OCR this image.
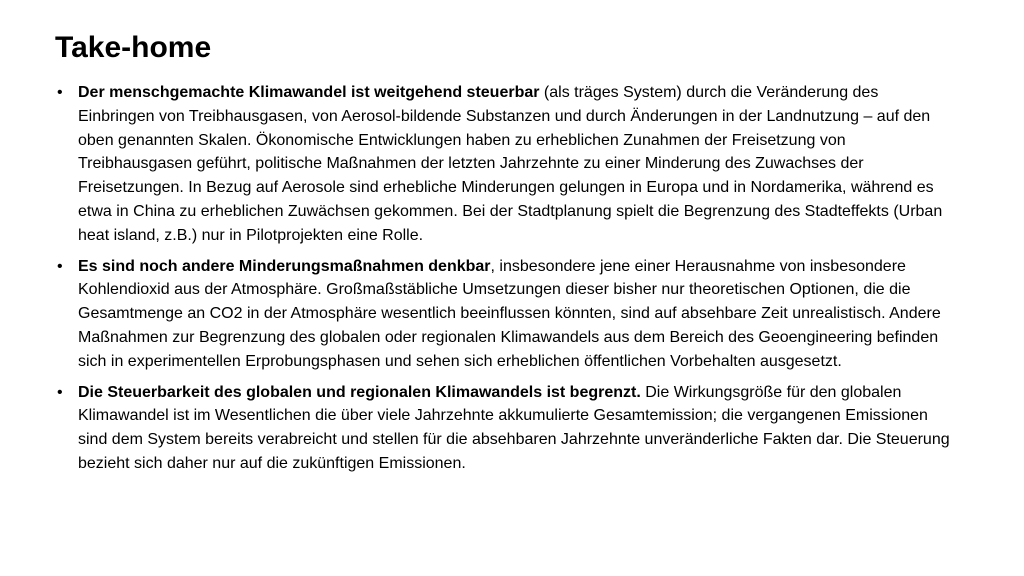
Take-home
• Der menschgemachte Klimawandel ist weitgehend steuerbar (als träges System) durch die Veränderung des Einbringen von Treibhausgasen, von Aerosol-bildende Substanzen und durch Änderungen in der Landnutzung – auf den oben genannten Skalen. Ökonomische Entwicklungen haben zu erheblichen Zunahmen der Freisetzung von Treibhausgasen geführt, politische Maßnahmen der letzten Jahrzehnte zu einer Minderung des Zuwachses der Freisetzungen. In Bezug auf Aerosole sind erhebliche Minderungen gelungen in Europa und in Nordamerika, während es etwa in China zu erheblichen Zuwächsen gekommen. Bei der Stadtplanung spielt die Begrenzung des Stadteffekts (Urban heat island, z.B.) nur in Pilotprojekten eine Rolle.
• Es sind noch andere Minderungsmaßnahmen denkbar, insbesondere jene einer Herausnahme von insbesondere Kohlendioxid aus der Atmosphäre. Großmaßstäbliche Umsetzungen dieser bisher nur theoretischen Optionen, die die Gesamtmenge an CO2 in der Atmosphäre wesentlich beeinflussen könnten, sind auf absehbare Zeit unrealistisch. Andere Maßnahmen zur Begrenzung des globalen oder regionalen Klimawandels aus dem Bereich des Geoengineering befinden sich in experimentellen Erprobungsphasen und sehen sich erheblichen öffentlichen Vorbehalten ausgesetzt.
• Die Steuerbarkeit des globalen und regionalen Klimawandels ist begrenzt. Die Wirkungsgröße für den globalen Klimawandel ist im Wesentlichen die über viele Jahrzehnte akkumulierte Gesamtemission; die vergangenen Emissionen sind dem System bereits verabreicht und stellen für die absehbaren Jahrzehnte unveränderliche Fakten dar. Die Steuerung bezieht sich daher nur auf die zukünftigen Emissionen.
